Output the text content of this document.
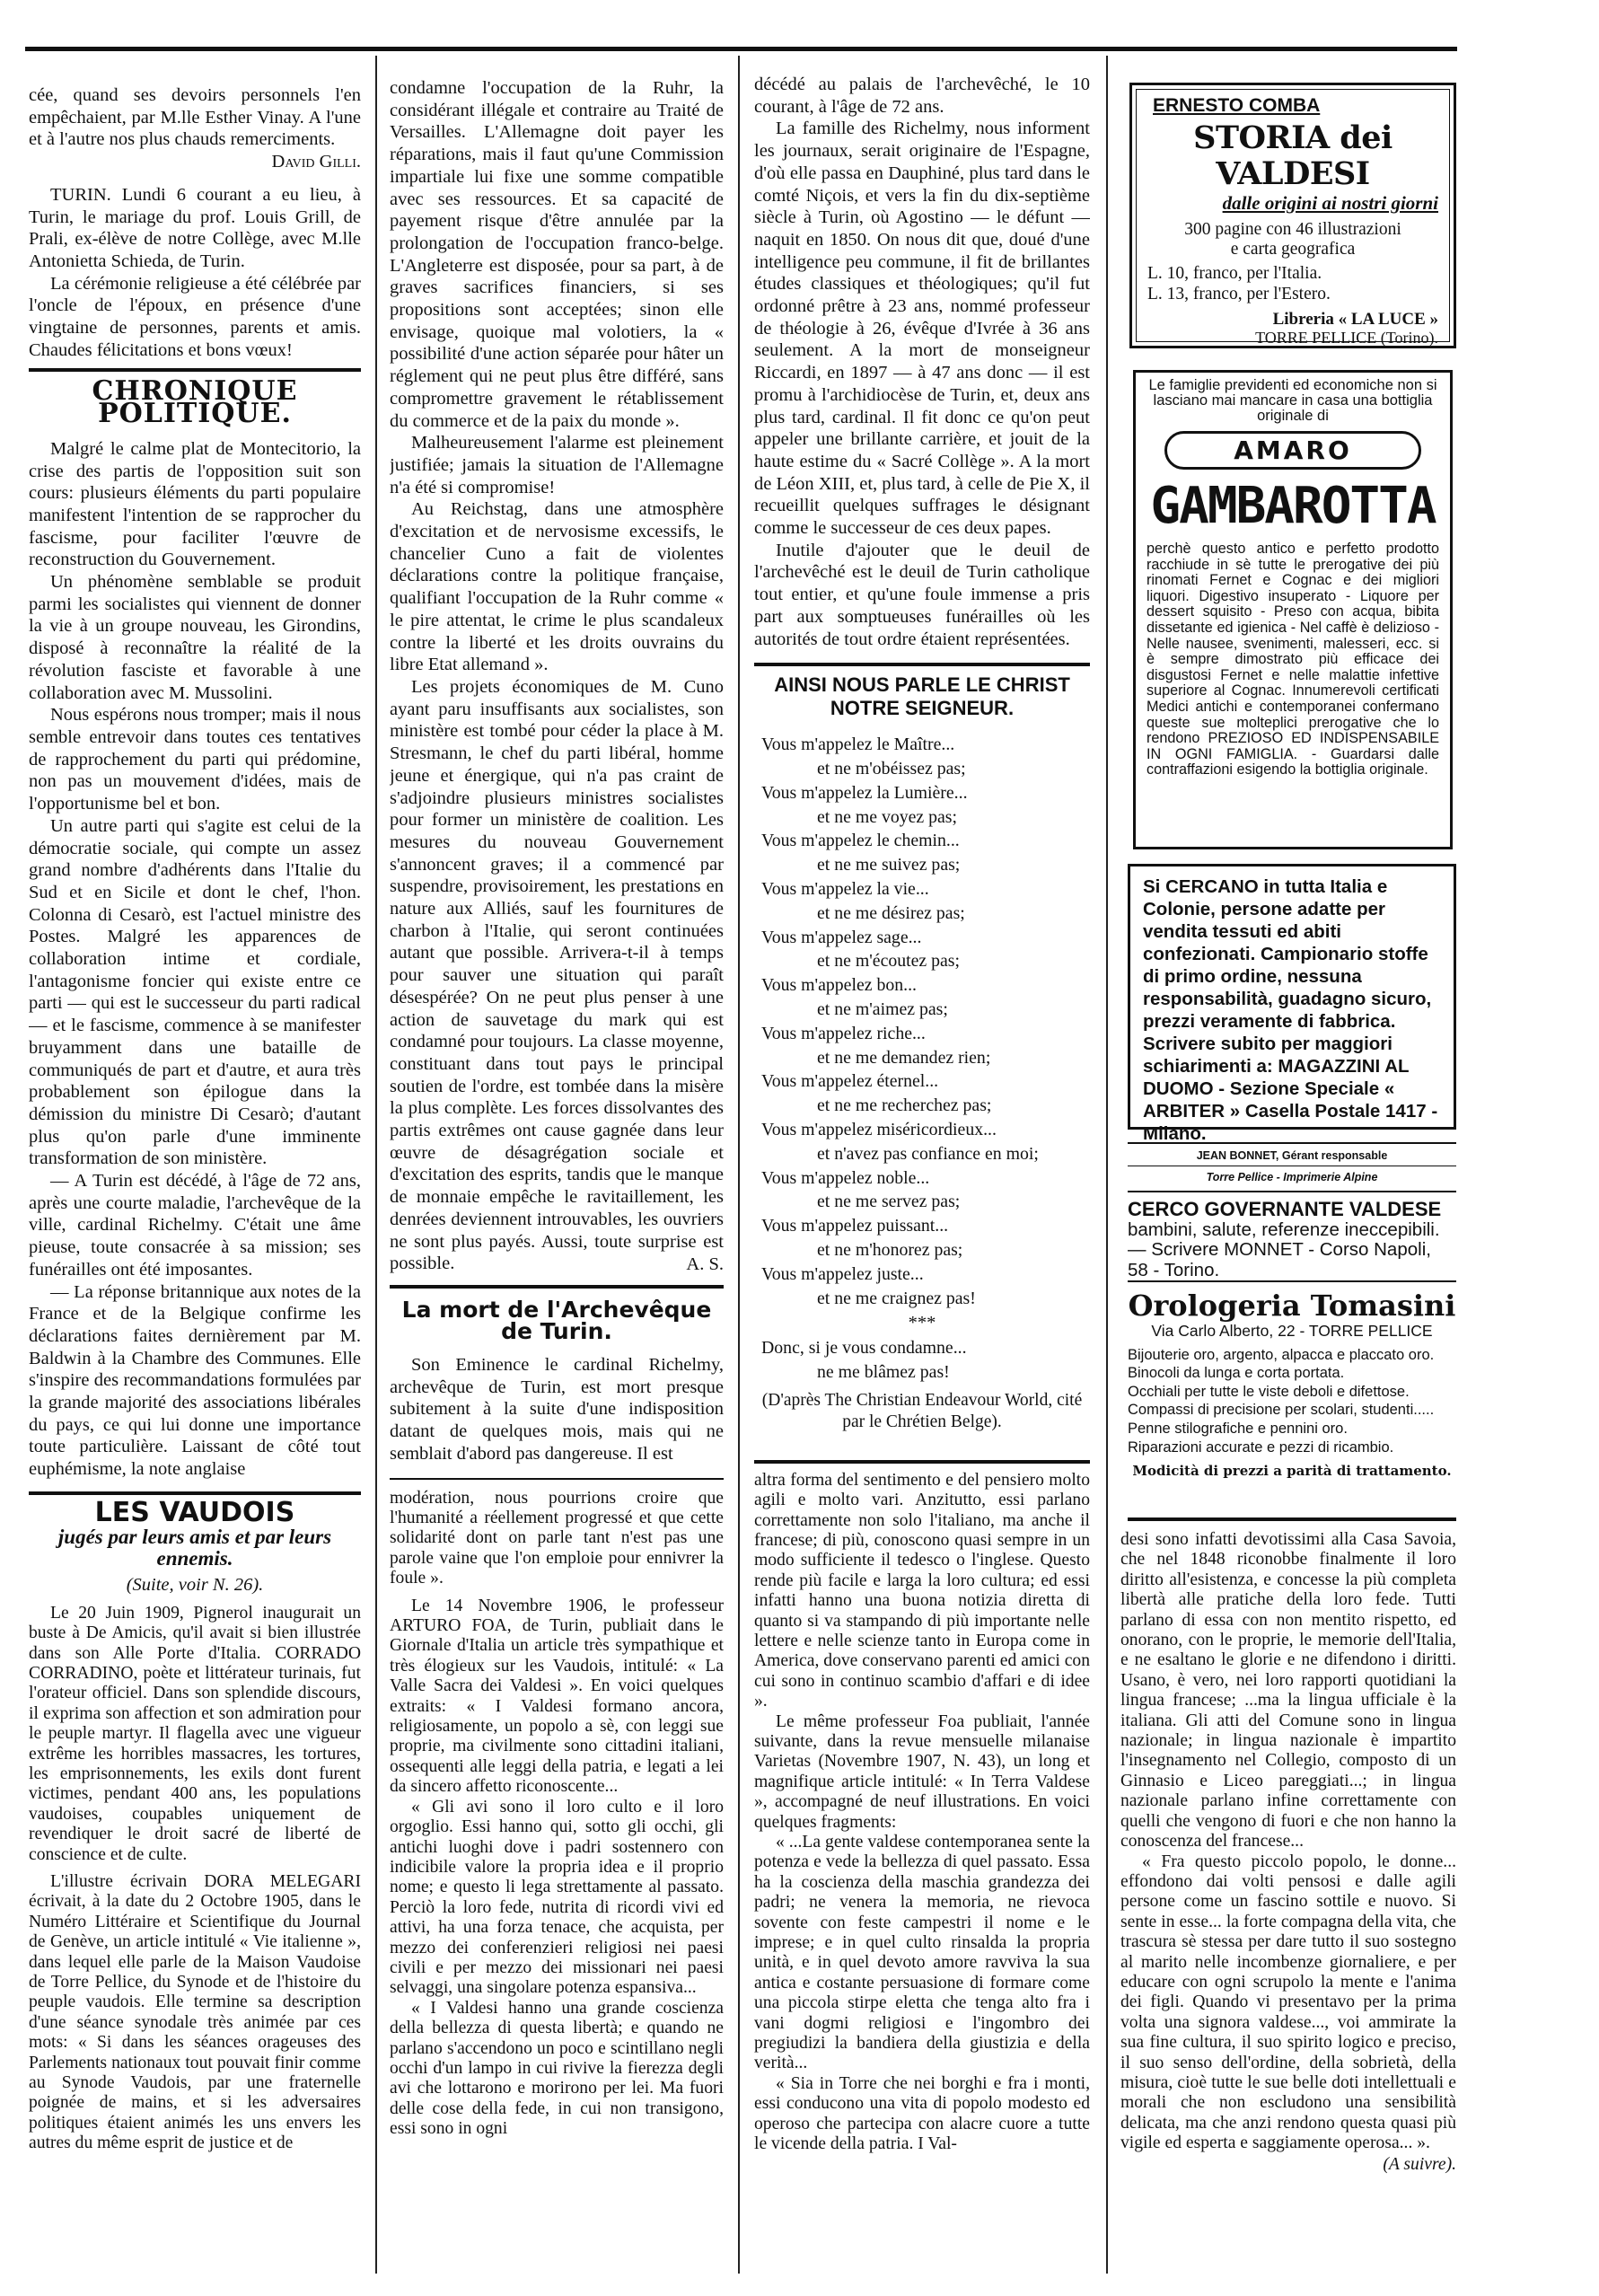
cée, quand ses devoirs personnels l'en empêchaient, par M.lle Esther Vinay. A l'une et à l'autre nos plus chauds remerciments.

David Gilli.

TURIN. Lundi 6 courant a eu lieu, à Turin, le mariage du prof. Louis Grill, de Prali, ex-élève de notre Collège, avec M.lle Antonietta Schieda, de Turin.

La cérémonie religieuse a été célébrée par l'oncle de l'époux, en présence d'une vingtaine de personnes, parents et amis. Chaudes félicitations et bons vœux!

CHRONIQUE POLITIQUE.

Malgré le calme plat de Montecitorio, la crise des partis de l'opposition suit son cours: plusieurs éléments du parti populaire manifestent l'intention de se rapprocher du fascisme, pour faciliter l'œuvre de reconstruction du Gouvernement.

Un phénomène semblable se produit parmi les socialistes qui viennent de donner la vie à un groupe nouveau, les Girondins, disposé à reconnaître la réalité de la révolution fasciste et favorable à une collaboration avec M. Mussolini.

Nous espérons nous tromper; mais il nous semble entrevoir dans toutes ces tentatives de rapprochement du parti qui prédomine, non pas un mouvement d'idées, mais de l'opportunisme bel et bon.

Un autre parti qui s'agite est celui de la démocratie sociale, qui compte un assez grand nombre d'adhérents dans l'Italie du Sud et en Sicile et dont le chef, l'hon. Colonna di Cesarò, est l'actuel ministre des Postes. Malgré les apparences de collaboration intime et cordiale, l'antagonisme foncier qui existe entre ce parti — qui est le successeur du parti radical — et le fascisme, commence à se manifester bruyamment dans une bataille de communiqués de part et d'autre, et aura très probablement son épilogue dans la démission du ministre Di Cesarò; d'autant plus qu'on parle d'une imminente transformation de son ministère.

— A Turin est décédé, à l'âge de 72 ans, après une courte maladie, l'archevêque de la ville, cardinal Richelmy. C'était une âme pieuse, toute consacrée à sa mission; ses funérailles ont été imposantes.

— La réponse britannique aux notes de la France et de la Belgique confirme les déclarations faites dernièrement par M. Baldwin à la Chambre des Communes. Elle s'inspire des recommandations formulées par la grande majorité des associations libérales du pays, ce qui lui donne une importance toute particulière. Laissant de côté tout euphémisme, la note anglaise

LES VAUDOIS
jugés par leurs amis et par leurs ennemis.
(Suite, voir N. 26).

Le 20 Juin 1909, Pignerol inaugurait un buste à De Amicis, qu'il avait si bien illustrée dans son Alle Porte d'Italia. CORRADO CORRADINO, poète et littérateur turinais, fut l'orateur officiel. Dans son splendide discours, il exprima son affection et son admiration pour le peuple martyr. Il flagella avec une vigueur extrême les horribles massacres, les tortures, les emprisonnements, les exils dont furent victimes, pendant 400 ans, les populations vaudoises, coupables uniquement de revendiquer le droit sacré de liberté de conscience et de culte.

L'illustre écrivain DORA MELEGARI écrivait, à la date du 2 Octobre 1905, dans le Numéro Littéraire et Scientifique du Journal de Genève, un article intitulé « Vie italienne », dans lequel elle parle de la Maison Vaudoise de Torre Pellice, du Synode et de l'histoire du peuple vaudois. Elle termine sa description d'une séance synodale très animée par ces mots: « Si dans les séances orageuses des Parlements nationaux tout pouvait finir comme au Synode Vaudois, par une fraternelle poignée de mains, et si les adversaires politiques étaient animés les uns envers les autres du même esprit de justice et de

condamne l'occupation de la Ruhr, la considérant illégale et contraire au Traité de Versailles. L'Allemagne doit payer les réparations, mais il faut qu'une Commission impartiale lui fixe une somme compatible avec ses ressources. Et sa capacité de payement risque d'être annulée par la prolongation de l'occupation franco-belge. L'Angleterre est disposée, pour sa part, à de graves sacrifices financiers, si ses propositions sont acceptées; sinon elle envisage, quoique mal volotiers, la « possibilité d'une action séparée pour hâter un réglement qui ne peut plus être différé, sans compromettre gravement le rétablissement du commerce et de la paix du monde ».

Malheureusement l'alarme est pleinement justifiée; jamais la situation de l'Allemagne n'a été si compromise!

Au Reichstag, dans une atmosphère d'excitation et de nervosisme excessifs, le chancelier Cuno a fait de violentes déclarations contre la politique française, qualifiant l'occupation de la Ruhr comme « le pire attentat, le crime le plus scandaleux contre la liberté et les droits ouvrains du libre Etat allemand ».

Les projets économiques de M. Cuno ayant paru insuffisants aux socialistes, son ministère est tombé pour céder la place à M. Stresmann, le chef du parti libéral, homme jeune et énergique, qui n'a pas craint de s'adjoindre plusieurs ministres socialistes pour former un ministère de coalition. Les mesures du nouveau Gouvernement s'annoncent graves; il a commencé par suspendre, provisoirement, les prestations en nature aux Alliés, sauf les fournitures de charbon à l'Italie, qui seront continuées autant que possible. Arrivera-t-il à temps pour sauver une situation qui paraît désespérée? On ne peut plus penser à une action de sauvetage du mark qui est condamné pour toujours. La classe moyenne, constituant dans tout pays le principal soutien de l'ordre, est tombée dans la misère la plus complète. Les forces dissolvantes des partis extrêmes ont cause gagnée dans leur œuvre de désagrégation sociale et d'excitation des esprits, tandis que le manque de monnaie empêche le ravitaillement, les denrées deviennent introuvables, les ouvriers ne sont plus payés. Aussi, toute surprise est possible.	A. S.

La mort de l'Archevêque de Turin.

Son Eminence le cardinal Richelmy, archevêque de Turin, est mort presque subitement à la suite d'une indisposition datant de quelques mois, mais qui ne semblait d'abord pas dangereuse. Il est

modération, nous pourrions croire que l'humanité a réellement progressé et que cette solidarité dont on parle tant n'est pas une parole vaine que l'on emploie pour ennivrer la foule ».

Le 14 Novembre 1906, le professeur ARTURO FOA, de Turin, publiait dans le Giornale d'Italia un article très sympathique et très élogieux sur les Vaudois, intitulé: « La Valle Sacra dei Valdesi ». En voici quelques extraits: « I Valdesi formano ancora, religiosamente, un popolo a sè, con leggi sue proprie, ma civilmente sono cittadini italiani, ossequenti alle leggi della patria, e legati a lei da sincero affetto riconoscente...

« Gli avi sono il loro culto e il loro orgoglio. Essi hanno qui, sotto gli occhi, gli antichi luoghi dove i padri sostennero con indicibile valore la propria idea e il proprio nome; e questo li lega strettamente al passato. Perciò la loro fede, nutrita di ricordi vivi ed attivi, ha una forza tenace, che acquista, per mezzo dei conferenzieri religiosi nei paesi civili e per mezzo dei missionari nei paesi selvaggi, una singolare potenza espansiva...

« I Valdesi hanno una grande coscienza della bellezza di questa libertà; e quando ne parlano s'accendono un poco e scintillano negli occhi d'un lampo in cui rivive la fierezza degli avi che lottarono e morirono per lei. Ma fuori delle cose della fede, in cui non transigono, essi sono in ogni

décédé au palais de l'archevêché, le 10 courant, à l'âge de 72 ans.

La famille des Richelmy, nous informent les journaux, serait originaire de l'Espagne, d'où elle passa en Dauphiné, plus tard dans le comté Niçois, et vers la fin du dix-septième siècle à Turin, où Agostino — le défunt — naquit en 1850. On nous dit que, doué d'une intelligence peu commune, il fit de brillantes études classiques et théologiques; qu'il fut ordonné prêtre à 23 ans, nommé professeur de théologie à 26, évêque d'Ivrée à 36 ans seulement. A la mort de monseigneur Riccardi, en 1897 — à 47 ans donc — il est promu à l'archidiocèse de Turin, et, deux ans plus tard, cardinal. Il fit donc ce qu'on peut appeler une brillante carrière, et jouit de la haute estime du « Sacré Collège ». A la mort de Léon XIII, et, plus tard, à celle de Pie X, il recueillit quelques suffrages le désignant comme le successeur de ces deux papes.

Inutile d'ajouter que le deuil de l'archevêché est le deuil de Turin catholique tout entier, et qu'une foule immense a pris part aux somptueuses funérailles où les autorités de tout ordre étaient représentées.

AINSI NOUS PARLE LE CHRIST NOTRE SEIGNEUR.
Vous m'appelez le Maître...
et ne m'obéissez pas;
Vous m'appelez la Lumière...
et ne me voyez pas;
Vous m'appelez le chemin...
et ne me suivez pas;
Vous m'appelez la vie...
et ne me désirez pas;
Vous m'appelez sage...
et ne m'écoutez pas;
Vous m'appelez bon...
et ne m'aimez pas;
Vous m'appelez riche...
et ne me demandez rien;
Vous m'appelez éternel...
et ne me recherchez pas;
Vous m'appelez miséricordieux...
et n'avez pas confiance en moi;
Vous m'appelez noble...
et ne me servez pas;
Vous m'appelez puissant...
et ne m'honorez pas;
Vous m'appelez juste...
et ne me craignez pas!
***
Donc, si je vous condamne...
ne me blâmez pas!
(D'après The Christian Endeavour World, cité par le Chrétien Belge).

altra forma del sentimento e del pensiero molto agili e molto vari. Anzitutto, essi parlano correttamente non solo l'italiano, ma anche il francese; di più, conoscono quasi sempre in un modo sufficiente il tedesco o l'inglese. Questo rende più facile e larga la loro cultura; ed essi infatti hanno una buona notizia diretta di quanto si va stampando di più importante nelle lettere e nelle scienze tanto in Europa come in America, dove conservano parenti ed amici con cui sono in continuo scambio d'affari e di idee ».

Le même professeur Foa publiait, l'année suivante, dans la revue mensuelle milanaise Varietas (Novembre 1907, N. 43), un long et magnifique article intitulé: « In Terra Valdese », accompagné de neuf illustrations. En voici quelques fragments:

« ...La gente valdese contemporanea sente la potenza e vede la bellezza di quel passato. Essa ha la coscienza della maschia grandezza dei padri; ne venera la memoria, ne rievoca sovente con feste campestri il nome e le imprese; e in quel culto rinsalda la propria unità, e in quel devoto amore ravviva la sua antica e costante persuasione di formare come una piccola stirpe eletta che tenga alto fra i vani dogmi religiosi e l'ingombro dei pregiudizi la bandiera della giustizia e della verità...

« Sia in Torre che nei borghi e fra i monti, essi conducono una vita di popolo modesto ed operoso che partecipa con alacre cuore a tutte le vicende della patria. I Val-

ERNESTO COMBA
STORIA dei VALDESI
dalle origini ai nostri giorni
300 pagine con 46 illustrazioni
e carta geografica
L. 10, franco, per l'Italia.
L. 13, franco, per l'Estero.
Libreria « LA LUCE »
TORRE PELLICE (Torino).
Le famiglie previdenti ed economiche non si lasciano mai mancare in casa una bottiglia originale di
AMARO
GAMBAROTTA
perchè questo antico e perfetto prodotto racchiude in sè tutte le prerogative dei più rinomati Fernet e Cognac e dei migliori liquori. Digestivo insuperato - Liquore per dessert squisito - Preso con acqua, bibita dissetante ed igienica - Nel caffè è delizioso - Nelle nausee, svenimenti, malesseri, ecc. si è sempre dimostrato più efficace dei disgustosi Fernet e nelle malattie infettive superiore al Cognac. Innumerevoli certificati Medici antichi e contemporanei confermano queste sue molteplici prerogative che lo rendono PREZIOSO ED INDISPENSABILE IN OGNI FAMIGLIA. - Guardarsi dalle contraffazioni esigendo la bottiglia originale.
Si CERCANO in tutta Italia e Colonie, persone adatte per vendita tessuti ed abiti confezionati. Campionario stoffe di primo ordine, nessuna responsabilità, guadagno sicuro, prezzi veramente di fabbrica. Scrivere subito per maggiori schiarimenti a: MAGAZZINI AL DUOMO - Sezione Speciale « ARBITER » Casella Postale 1417 - Milano.
JEAN BONNET, Gérant responsable
Torre Pellice - Imprimerie Alpine
CERCO GOVERNANTE VALDESE
bambini, salute, referenze ineccepibili. — Scrivere MONNET - Corso Napoli, 58 - Torino.
Orologeria Tomasini
Via Carlo Alberto, 22 - TORRE PELLICE
Bijouterie oro, argento, alpacca e placcato oro.
Binocoli da lunga e corta portata.
Occhiali per tutte le viste deboli e difettose.
Compassi di precisione per scolari, studenti.....
Penne stilografiche e pennini oro.
Riparazioni accurate e pezzi di ricambio.
Modicità di prezzi a parità di trattamento.

desi sono infatti devotissimi alla Casa Savoia, che nel 1848 riconobbe finalmente il loro diritto all'esistenza, e concesse la più completa libertà alle pratiche della loro fede. Tutti parlano di essa con non mentito rispetto, ed onorano, con le proprie, le memorie dell'Italia, e ne esaltano le glorie e ne difendono i diritti. Usano, è vero, nei loro rapporti quotidiani la lingua francese; ...ma la lingua ufficiale è la italiana. Gli atti del Comune sono in lingua nazionale; in lingua nazionale è impartito l'insegnamento nel Collegio, composto di un Ginnasio e Liceo pareggiati...; in lingua nazionale parlano infine correttamente con quelli che vengono di fuori e che non hanno la conoscenza del francese...

« Fra questo piccolo popolo, le donne... effondono dai volti pensosi e dalle agili persone come un fascino sottile e nuovo. Si sente in esse... la forte compagna della vita, che trascura sè stessa per dare tutto il suo sostegno al marito nelle incombenze giornaliere, e per educare con ogni scrupolo la mente e l'anima dei figli. Quando vi presentavo per la prima volta una signora valdese..., voi ammirate la sua fine cultura, il suo spirito logico e preciso, il suo senso dell'ordine, della sobrietà, della misura, cioè tutte le sue belle doti intellettuali e morali che non escludono una sensibilità delicata, ma che anzi rendono questa quasi più vigile ed esperta e saggiamente operosa... ».

(A suivre).
